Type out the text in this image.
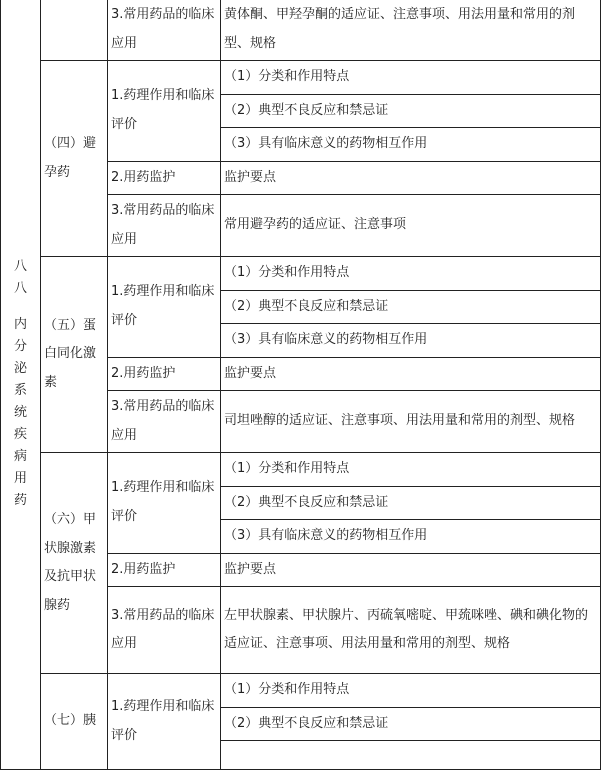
八八
内分泌系统疾病用药		3.常用药品的临床应用	黄体酮、甲羟孕酮的适应证、注意事项、用法用量和常用的剂型、规格
	（四）避孕药	1.药理作用和临床评价	（1）分类和作用特点
			（2）典型不良反应和禁忌证
			（3）具有临床意义的药物相互作用
		2.用药监护	监护要点
		3.常用药品的临床应用	常用避孕药的适应证、注意事项
	（五）蛋白同化激素	1.药理作用和临床评价	（1）分类和作用特点
			（2）典型不良反应和禁忌证
			（3）具有临床意义的药物相互作用
		2.用药监护	监护要点
		3.常用药品的临床应用	司坦唑醇的适应证、注意事项、用法用量和常用的剂型、规格
	（六）甲状腺激素及抗甲状腺药	1.药理作用和临床评价	（1）分类和作用特点
			（2）典型不良反应和禁忌证
			（3）具有临床意义的药物相互作用
		2.用药监护	监护要点
		3.常用药品的临床应用	左甲状腺素、甲状腺片、丙硫氧嘧啶、甲巯咪唑、碘和碘化物的适应证、注意事项、用法用量和常用的剂型、规格
	（七）胰	1.药理作用和临床评价	（1）分类和作用特点
			（2）典型不良反应和禁忌证
